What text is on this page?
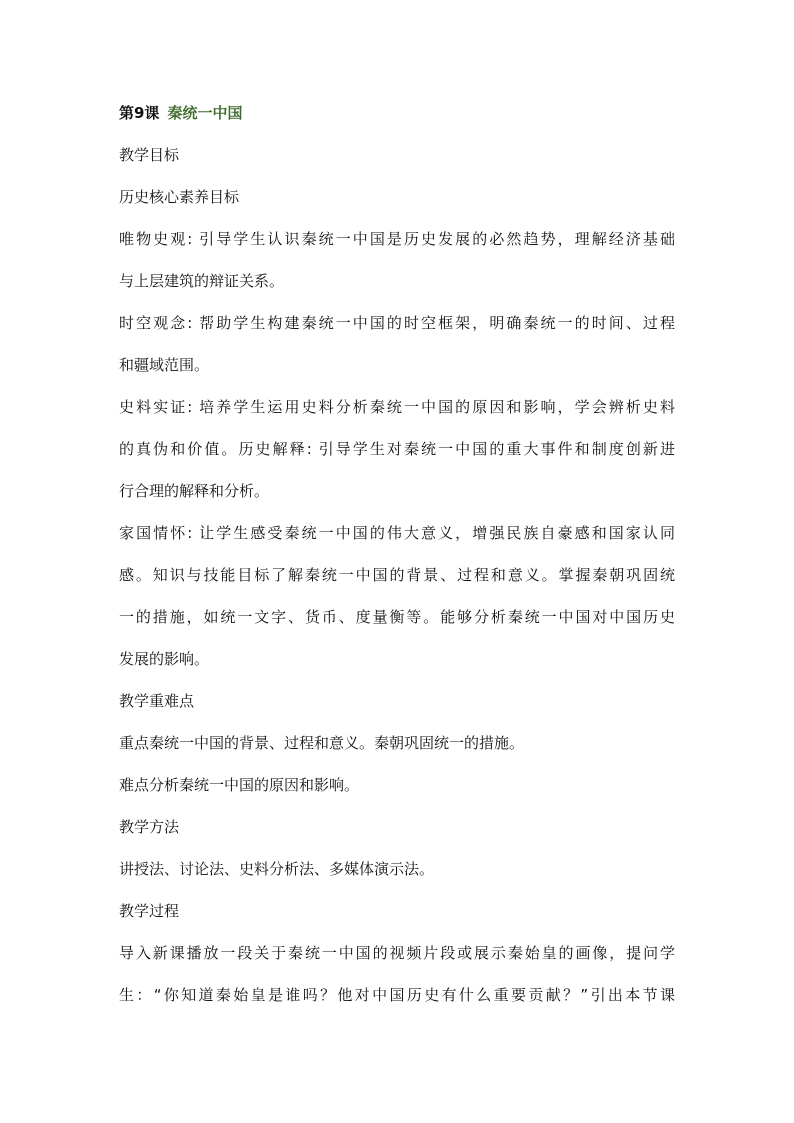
第9课 秦统一中国
教学目标
历史核心素养目标
唯物史观: 引导学生认识秦统一中国是历史发展的必然趋势，理解经济基础
与上层建筑的辩证关系。
时空观念: 帮助学生构建秦统一中国的时空框架，明确秦统一的时间、过程
和疆域范围。
史料实证: 培养学生运用史料分析秦统一中国的原因和影响，学会辨析史料
的真伪和价值。历史解释: 引导学生对秦统一中国的重大事件和制度创新进
行合理的解释和分析。
家国情怀: 让学生感受秦统一中国的伟大意义，增强民族自豪感和国家认同
感。知识与技能目标了解秦统一中国的背景、过程和意义。掌握秦朝巩固统
一的措施，如统一文字、货币、度量衡等。能够分析秦统一中国对中国历史
发展的影响。
教学重难点
重点秦统一中国的背景、过程和意义。秦朝巩固统一的措施。
难点分析秦统一中国的原因和影响。
教学方法
讲授法、讨论法、史料分析法、多媒体演示法。
教学过程
导入新课播放一段关于秦统一中国的视频片段或展示秦始皇的画像，提问学
生：“你知道秦始皇是谁吗？他对中国历史有什么重要贡献？”引出本节课
